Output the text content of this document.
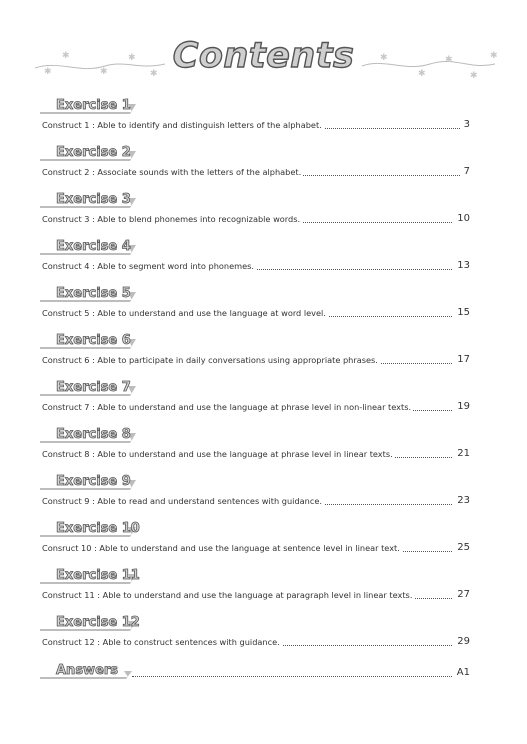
✱
✱
✱
✱
✱
✱
✱
✱
✱
✱
Contents
Exercise 1
Construct 1 : Able to identify and distinguish letters of the alphabet.	3
Exercise 2
Construct 2 : Associate sounds with the letters of the alphabet.	7
Exercise 3
Construct 3 : Able to blend phonemes into recognizable words.	10
Exercise 4
Construct 4 : Able to segment word into phonemes.	13
Exercise 5
Construct 5 : Able to understand and use the language at word level.	15
Exercise 6
Construct 6 : Able to participate in daily conversations using appropriate phrases.	17
Exercise 7
Construct 7 : Able to understand and use the language at phrase level in non-linear texts.	19
Exercise 8
Construct 8 : Able to understand and use the language at phrase level in linear texts.	21
Exercise 9
Construct 9 : Able to read and understand sentences with guidance.	23
Exercise 10
Consruct 10 : Able to understand and use the language at sentence level in linear text.	25
Exercise 11
Construct 11 : Able to understand and use the language at paragraph level in linear texts.	27
Exercise 12
Construct 12 : Able to construct sentences with guidance.	29
Answers	A1
